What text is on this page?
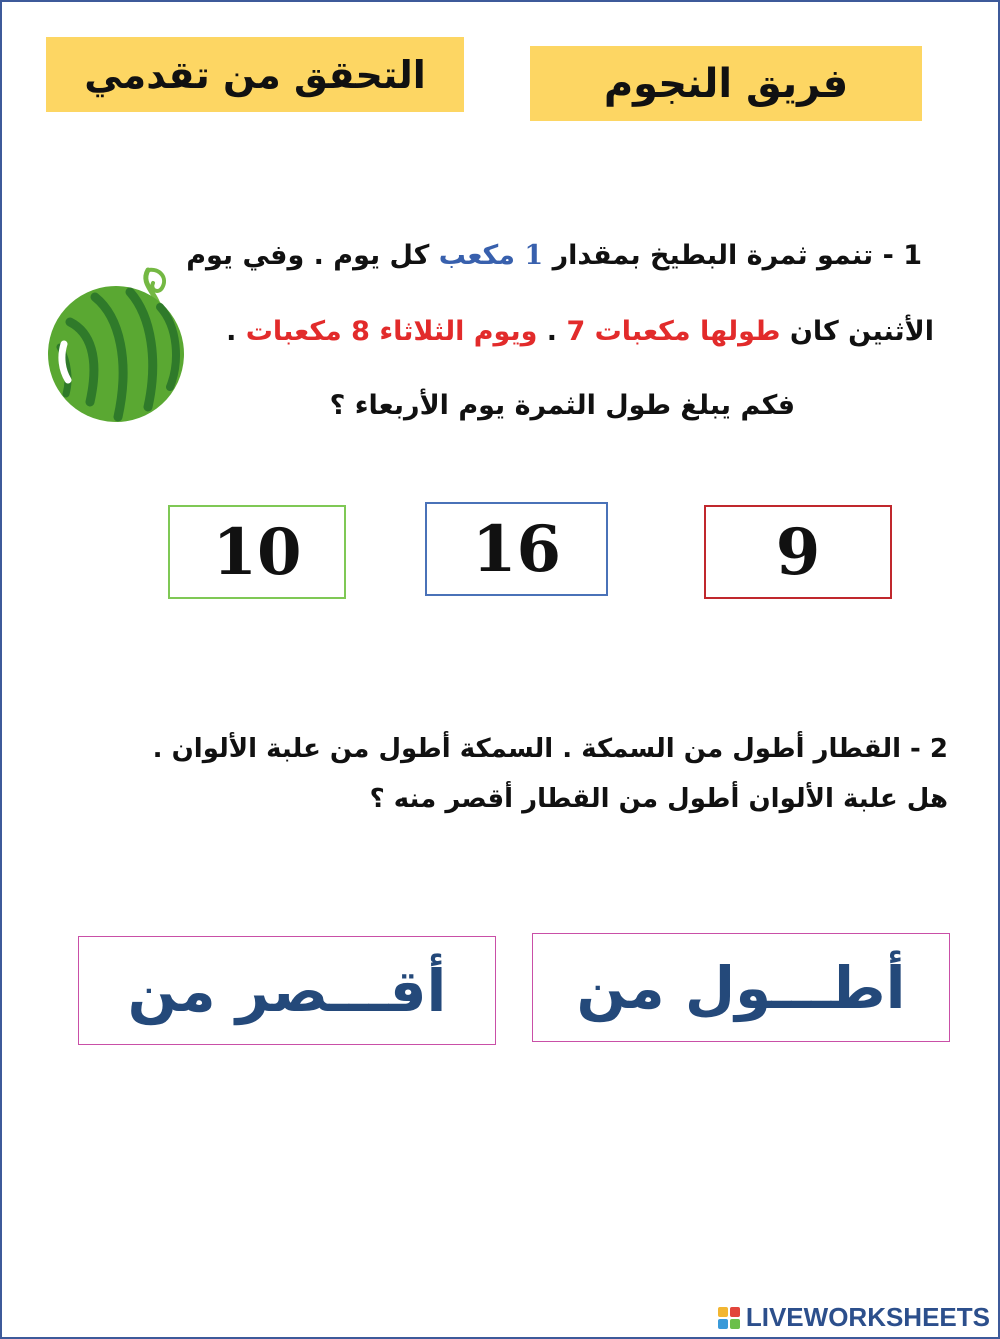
فريق النجوم
التحقق من تقدمي
1 - تنمو ثمرة البطيخ بمقدار 1 مكعب كل يوم . وفي يوم
الأثنين كان طولها مكعبات 7 . ويوم الثلاثاء 8 مكعبات .
فكم يبلغ طول الثمرة يوم الأربعاء ؟
9
16
10
2 - القطار أطول من السمكة . السمكة أطول من علبة الألوان .
هل علبة الألوان أطول من القطار أقصر منه ؟
أطـــول من
أقـــصر من
LIVEWORKSHEETS
